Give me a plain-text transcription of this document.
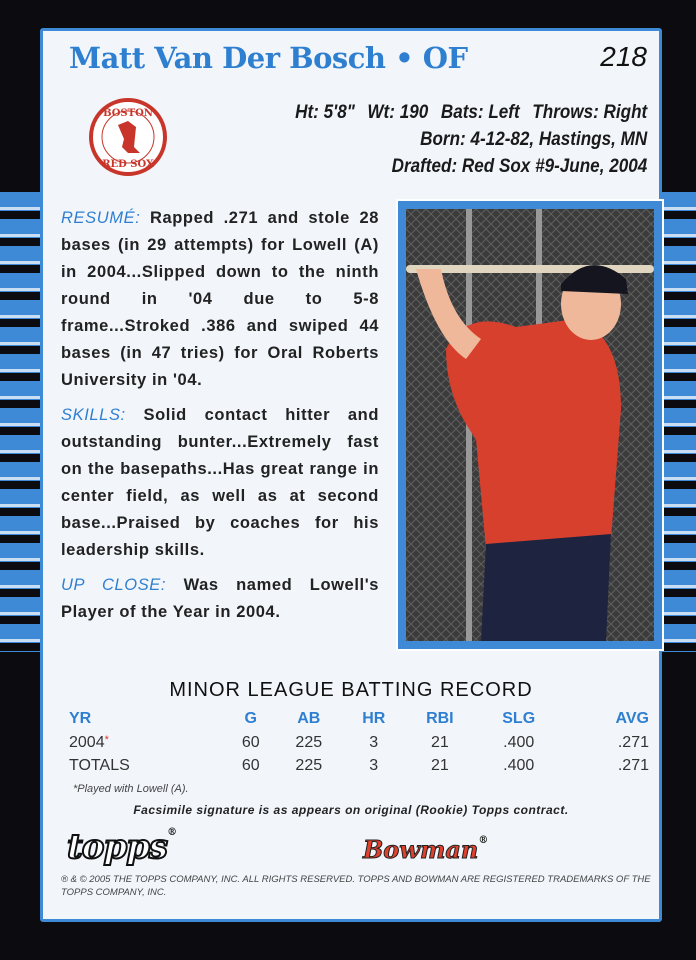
Matt Van Der Bosch • OF	218
BOSTON
RED SOX
Ht: 5'8" Wt: 190 Bats: Left Throws: Right
Born: 4-12-82, Hastings, MN
Drafted: Red Sox #9-June, 2004

RESUMÉ: Rapped .271 and stole 28 bases (in 29 attempts) for Lowell (A) in 2004...Slipped down to the ninth round in '04 due to 5-8 frame...Stroked .386 and swiped 44 bases (in 47 tries) for Oral Roberts University in '04.

SKILLS: Solid contact hitter and outstanding bunter...Extremely fast on the basepaths...Has great range in center field, as well as at second base...Praised by coaches for his leadership skills.

UP CLOSE: Was named Lowell's Player of the Year in 2004.

MINOR LEAGUE BATTING RECORD
YR	G	AB	HR	RBI	SLG	AVG
2004*	60	225	3	21	.400	.271
TOTALS	60	225	3	21	.400	.271
*Played with Lowell (A).
Facsimile signature is as appears on original (Rookie) Topps contract.
topps®
Bowman®
® & © 2005 THE TOPPS COMPANY, INC. ALL RIGHTS RESERVED. TOPPS AND BOWMAN ARE REGISTERED TRADEMARKS OF THE TOPPS COMPANY, INC.
